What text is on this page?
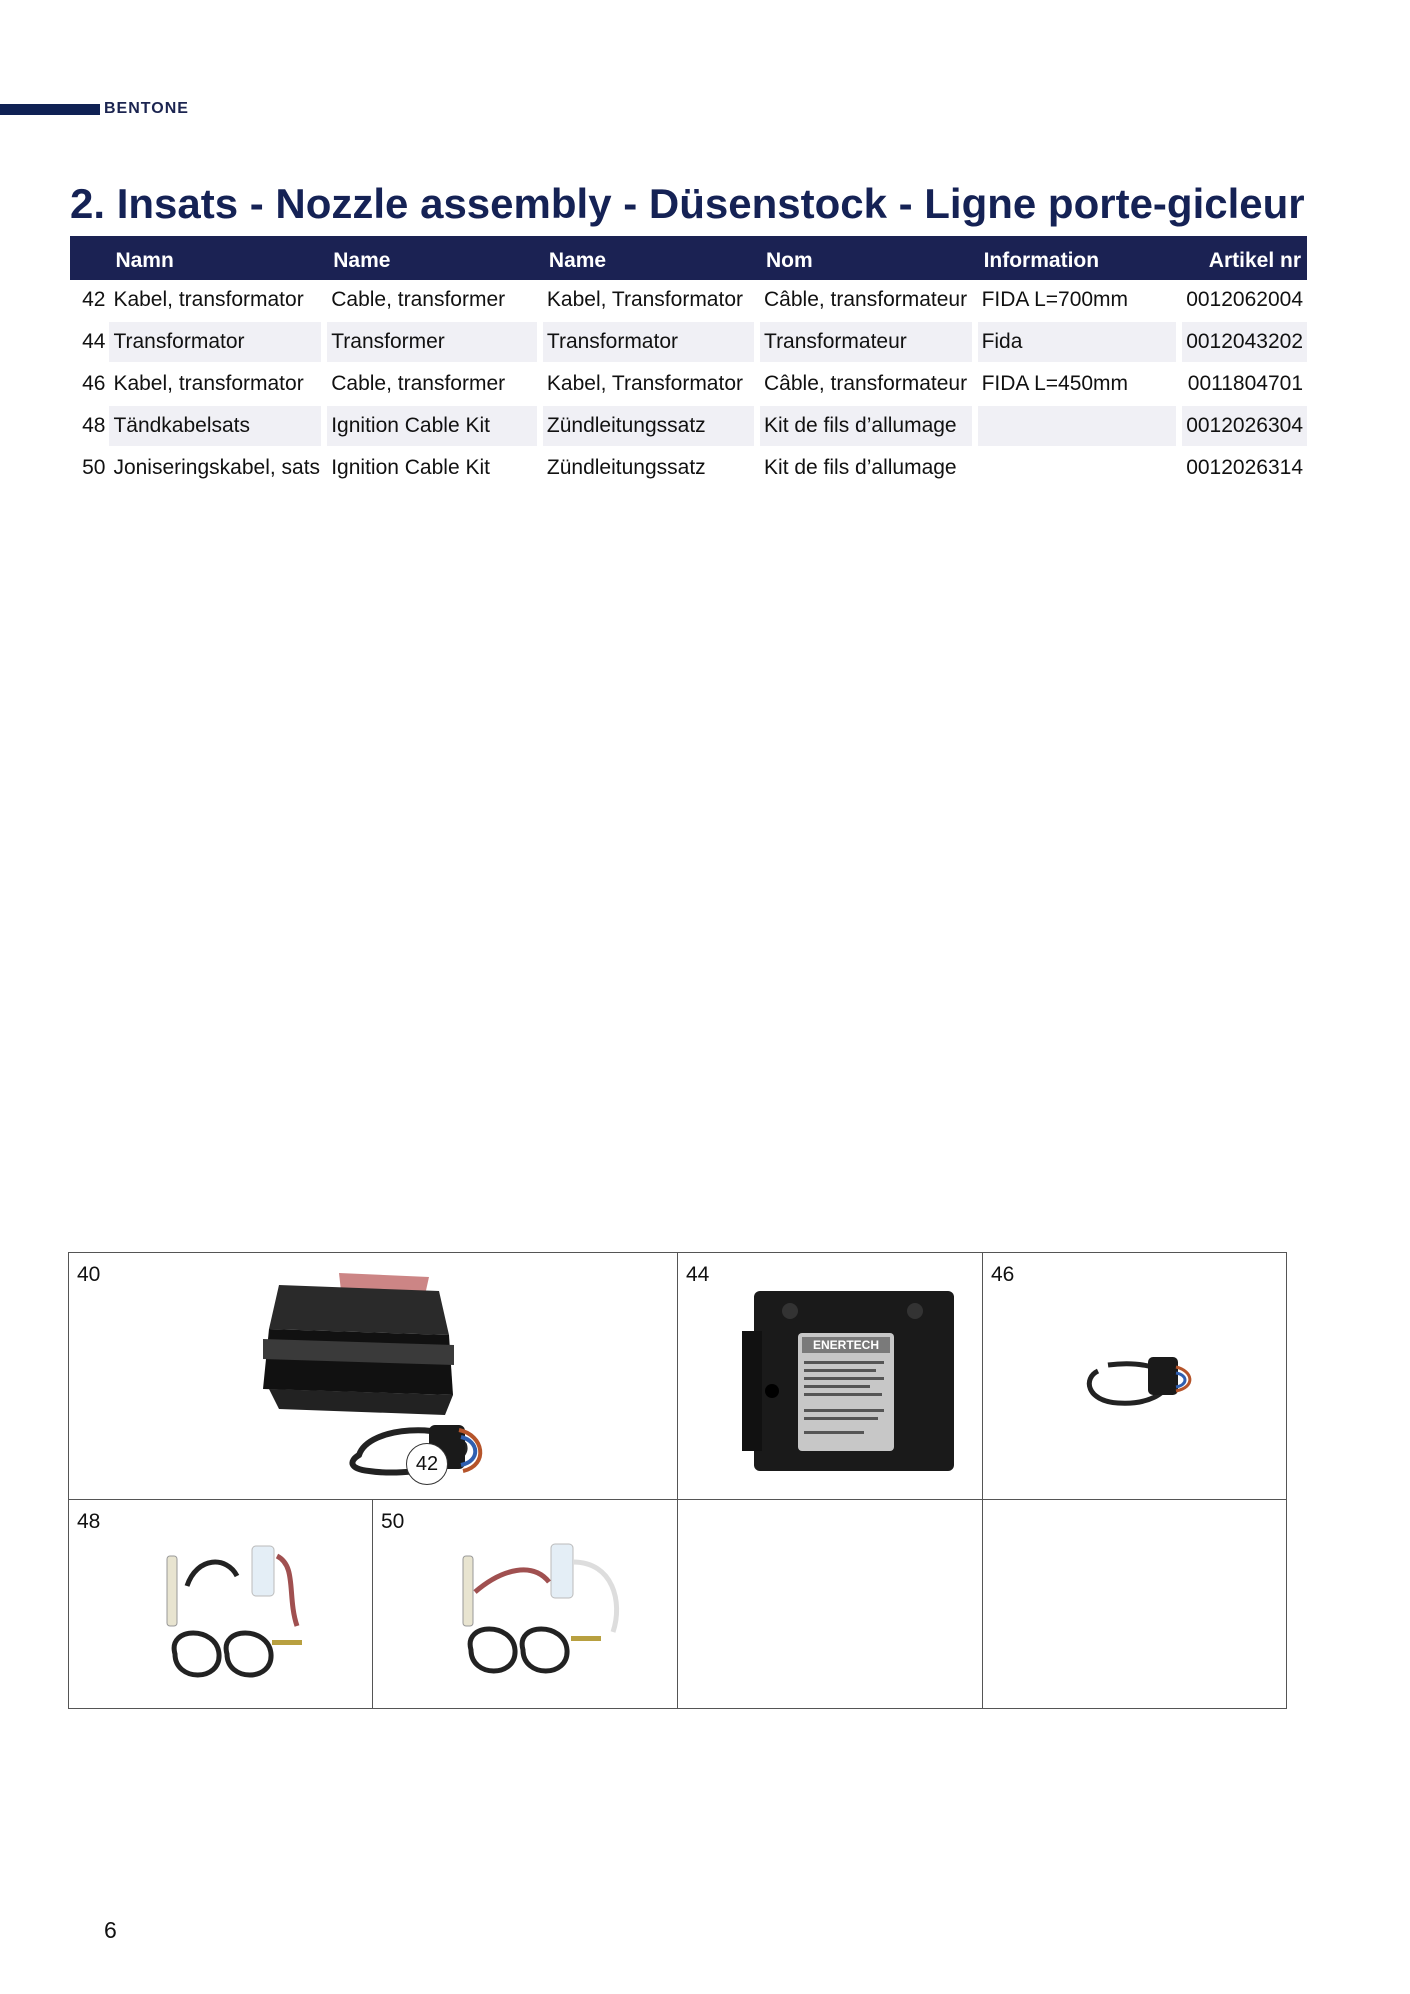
BENTONE
2. Insats - Nozzle assembly - Düsenstock - Ligne porte-gicleur
	Namn	Name	Name	Nom	Information	Artikel nr
42	Kabel, transformator	Cable, transformer	Kabel, Transformator	Câble, transformateur	FIDA L=700mm	0012062004
44	Transformator	Transformer	Transformator	Transformateur	Fida	0012043202
46	Kabel, transformator	Cable, transformer	Kabel, Transformator	Câble, transformateur	FIDA L=450mm	0011804701
48	Tändkabelsats	Ignition Cable Kit	Zündleitungssatz	Kit de fils d’allumage		0012026304
50	Joniseringskabel, sats	Ignition Cable Kit	Zündleitungssatz	Kit de fils d’allumage		0012026314
40
42
44
ENERTECH
46
48	50
6
